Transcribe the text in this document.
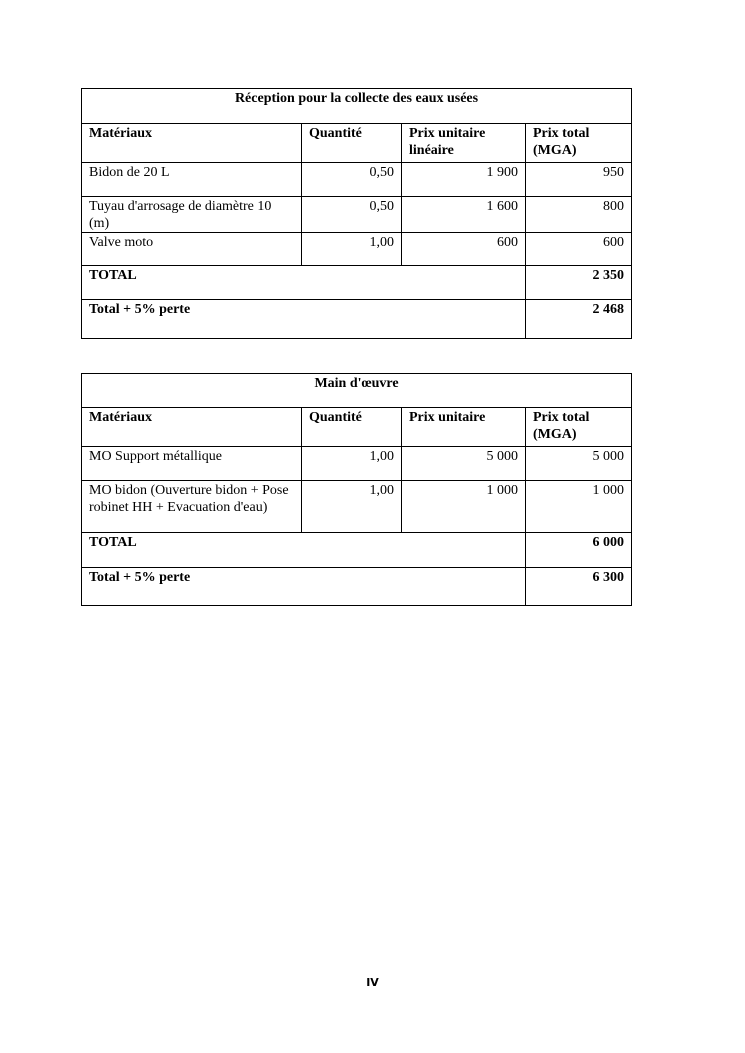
Réception pour la collecte des eaux usées			
Matériaux	Quantité	Prix unitaire linéaire	Prix total (MGA)
Bidon de 20 L	0,50	1 900	950
Tuyau d'arrosage de diamètre 10 (m)	0,50	1 600	800
Valve moto	1,00	600	600
TOTAL			2 350
Total + 5% perte			2 468
Main d'œuvre			
Matériaux	Quantité	Prix unitaire	Prix total (MGA)
MO Support métallique	1,00	5 000	5 000
MO bidon (Ouverture bidon + Pose robinet HH + Evacuation d'eau)	1,00	1 000	1 000
TOTAL			6 000
Total + 5% perte			6 300
IV
